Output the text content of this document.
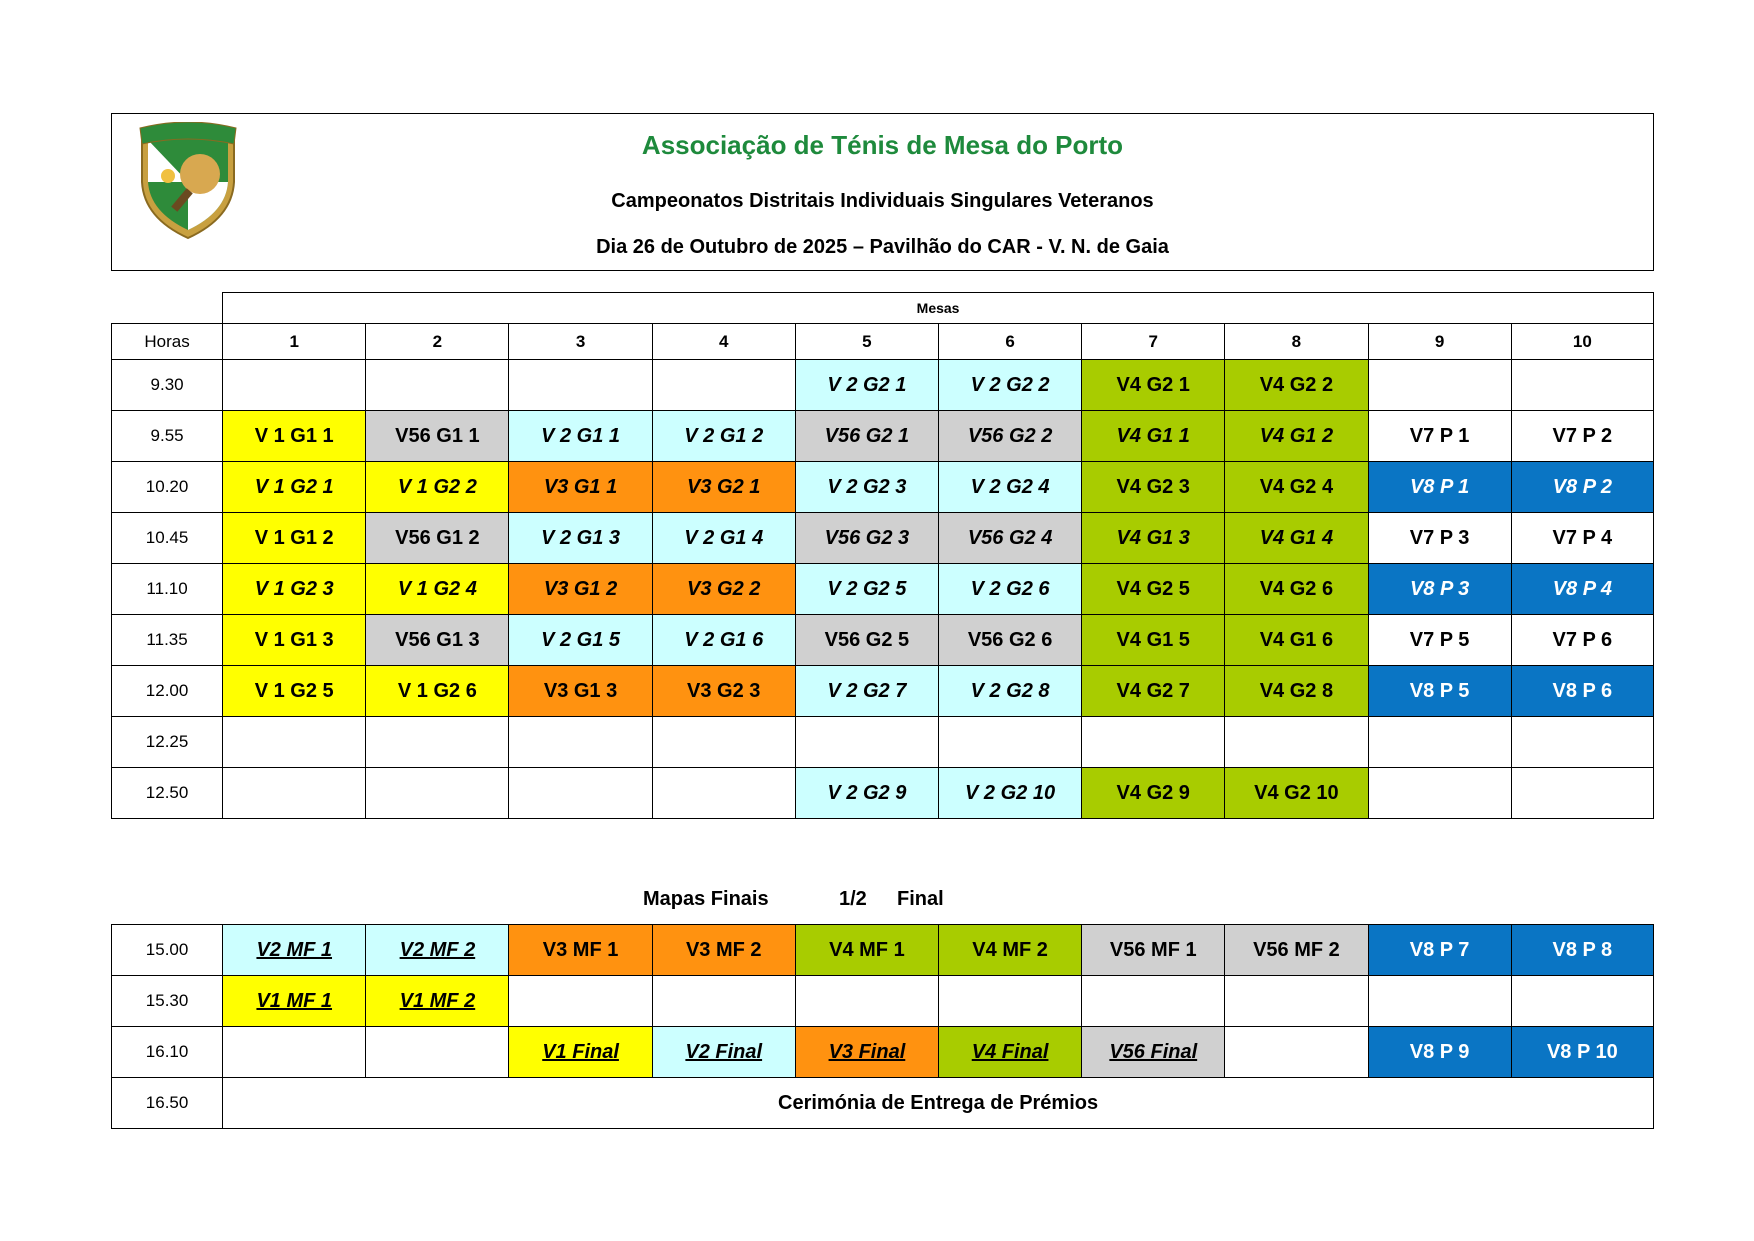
Associação de Ténis de Mesa do Porto
Campeonatos Distritais Individuais Singulares Veteranos
Dia 26 de Outubro de 2025 – Pavilhão do CAR - V. N. de Gaia
	Mesas									
Horas	1	2	3	4	5	6	7	8	9	10
9.30					V 2 G2 1	V 2 G2 2	V4 G2 1	V4 G2 2		
9.55	V 1 G1 1	V56 G1 1	V 2 G1 1	V 2 G1 2	V56 G2 1	V56 G2 2	V4 G1 1	V4 G1 2	V7 P 1	V7 P 2
10.20	V 1 G2 1	V 1 G2 2	V3 G1 1	V3 G2 1	V 2 G2 3	V 2 G2 4	V4 G2 3	V4 G2 4	V8 P 1	V8 P 2
10.45	V 1 G1 2	V56 G1 2	V 2 G1 3	V 2 G1 4	V56 G2 3	V56 G2 4	V4 G1 3	V4 G1 4	V7 P 3	V7 P 4
11.10	V 1 G2 3	V 1 G2 4	V3 G1 2	V3 G2 2	V 2 G2 5	V 2 G2 6	V4 G2 5	V4 G2 6	V8 P 3	V8 P 4
11.35	V 1 G1 3	V56 G1 3	V 2 G1 5	V 2 G1 6	V56 G2 5	V56 G2 6	V4 G1 5	V4 G1 6	V7 P 5	V7 P 6
12.00	V 1 G2 5	V 1 G2 6	V3 G1 3	V3 G2 3	V 2 G2 7	V 2 G2 8	V4 G2 7	V4 G2 8	V8 P 5	V8 P 6
12.25										
12.50					V 2 G2 9	V 2 G2 10	V4 G2 9	V4 G2 10		
Mapas Finais	1/2 Final
15.00	V2 MF 1	V2 MF 2	V3 MF 1	V3 MF 2	V4 MF 1	V4 MF 2	V56 MF 1	V56 MF 2	V8 P 7	V8 P 8
15.30	V1 MF 1	V1 MF 2								
16.10			V1 Final	V2 Final	V3 Final	V4 Final	V56 Final		V8 P 9	V8 P 10
16.50	Cerimónia de Entrega de Prémios									
